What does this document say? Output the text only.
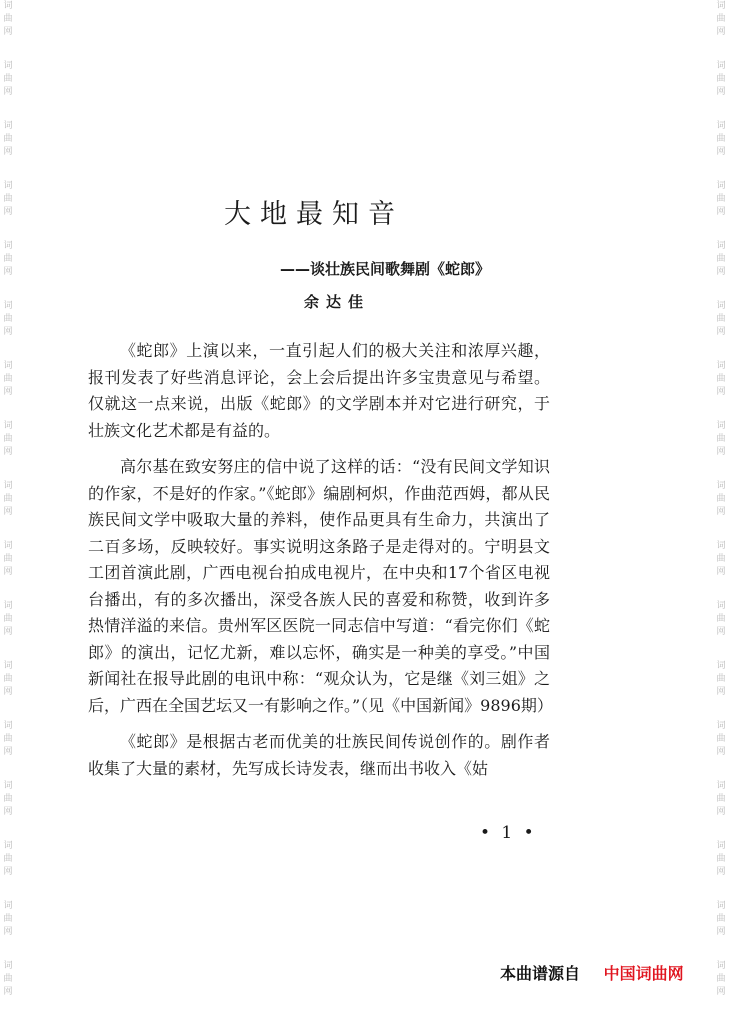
词
曲
网
词
曲
网
词
曲
网
词
曲
网
词
曲
网
词
曲
网
词
曲
网
词
曲
网
词
曲
网
词
曲
网
词
曲
网
词
曲
网
词
曲
网
词
曲
网
词
曲
网
词
曲
网
词
曲
网
词
曲
网
词
曲
网
词
曲
网
词
曲
网
词
曲
网
词
曲
网
词
曲
网
词
曲
网
词
曲
网
词
曲
网
词
曲
网
词
曲
网
词
曲
网
词
曲
网
词
曲
网
词
曲
网
词
曲
网
大地最知音
——谈壮族民间歌舞剧《蛇郎》
余达佳

《蛇郎》上演以来，一直引起人们的极大关注和浓厚兴趣，报刊发表了好些消息评论，会上会后提出许多宝贵意见与希望。仅就这一点来说，出版《蛇郎》的文学剧本并对它进行研究，于壮族文化艺术都是有益的。

高尔基在致安努庄的信中说了这样的话：“没有民间文学知识的作家，不是好的作家。”《蛇郎》编剧柯炽，作曲范西姆，都从民族民间文学中吸取大量的养料，使作品更具有生命力，共演出了二百多场，反映较好。事实说明这条路子是走得对的。宁明县文工团首演此剧，广西电视台拍成电视片，在中央和17个省区电视台播出，有的多次播出，深受各族人民的喜爱和称赞，收到许多热情洋溢的来信。贵州军区医院一同志信中写道：“看完你们《蛇郎》的演出，记忆尤新，难以忘怀，确实是一种美的享受。”中国新闻社在报导此剧的电讯中称：“观众认为，它是继《刘三姐》之后，广西在全国艺坛又一有影响之作。”（见《中国新闻》9896期）

《蛇郎》是根据古老而优美的壮族民间传说创作的。剧作者收集了大量的素材，先写成长诗发表，继而出书收入《姑

• 1 •
本曲谱源自 中国词曲网
